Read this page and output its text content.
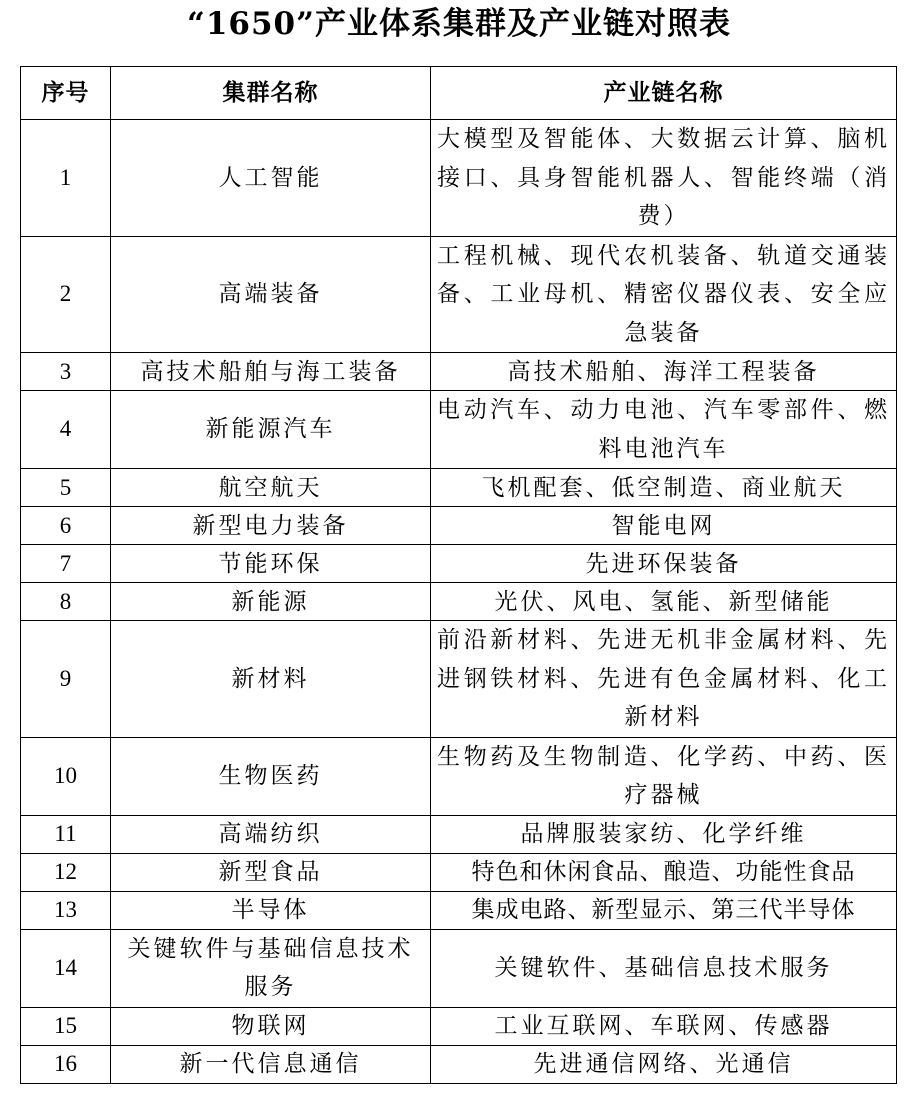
“1650”产业体系集群及产业链对照表
序号	集群名称	产业链名称
1	人工智能	大模型及智能体、大数据云计算、脑机接口、具身智能机器人、智能终端（消费）
2	高端装备	工程机械、现代农机装备、轨道交通装备、工业母机、精密仪器仪表、安全应急装备
3	高技术船舶与海工装备	高技术船舶、海洋工程装备
4	新能源汽车	电动汽车、动力电池、汽车零部件、燃料电池汽车
5	航空航天	飞机配套、低空制造、商业航天
6	新型电力装备	智能电网
7	节能环保	先进环保装备
8	新能源	光伏、风电、氢能、新型储能
9	新材料	前沿新材料、先进无机非金属材料、先进钢铁材料、先进有色金属材料、化工新材料
10	生物医药	生物药及生物制造、化学药、中药、医疗器械
11	高端纺织	品牌服装家纺、化学纤维
12	新型食品	特色和休闲食品、酿造、功能性食品
13	半导体	集成电路、新型显示、第三代半导体
14	关键软件与基础信息技术服务	关键软件、基础信息技术服务
15	物联网	工业互联网、车联网、传感器
16	新一代信息通信	先进通信网络、光通信
